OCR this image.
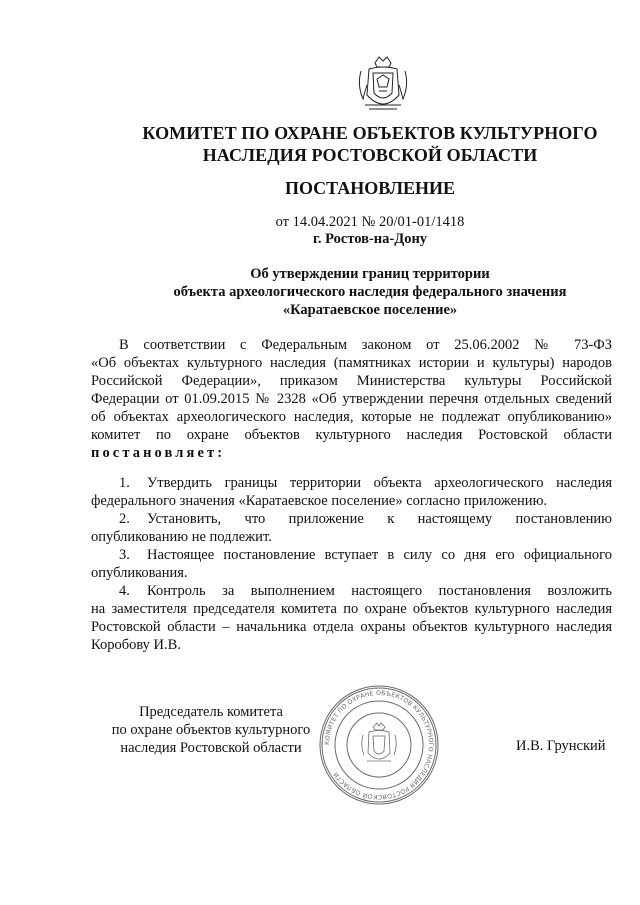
КОМИТЕТ ПО ОХРАНЕ ОБЪЕКТОВ КУЛЬТУРНОГО
НАСЛЕДИЯ РОСТОВСКОЙ ОБЛАСТИ
ПОСТАНОВЛЕНИЕ
от 14.04.2021 № 20/01-01/1418
г. Ростов-на-Дону
Об утверждении границ территории
объекта археологического наследия федерального значения
«Каратаевское поселение»
В соответствии с Федеральным законом от 25.06.2002 № 73-ФЗ
«Об объектах культурного наследия (памятниках истории и культуры) народов
Российской Федерации», приказом Министерства культуры Российской
Федерации от 01.09.2015 № 2328 «Об утверждении перечня отдельных сведений
об объектах археологического наследия, которые не подлежат опубликованию»
комитет по охране объектов культурного наследия Ростовской области
постановляет:
1. Утвердить границы территории объекта археологического наследия
федерального значения «Каратаевское поселение» согласно приложению.
2. Установить, что приложение к настоящему постановлению
опубликованию не подлежит.
3. Настоящее постановление вступает в силу со дня его официального
опубликования.
4. Контроль за выполнением настоящего постановления возложить
на заместителя председателя комитета по охране объектов культурного наследия
Ростовской области – начальника отдела охраны объектов культурного наследия
Коробову И.В.
Председатель комитета
по охране объектов культурного
наследия Ростовской области	КОМИТЕТ ПО ОХРАНЕ ОБЪЕКТОВ КУЛЬТУРНОГО НАСЛЕДИЯ РОСТОВСКОЙ ОБЛАСТИ
И.В. Грунский
